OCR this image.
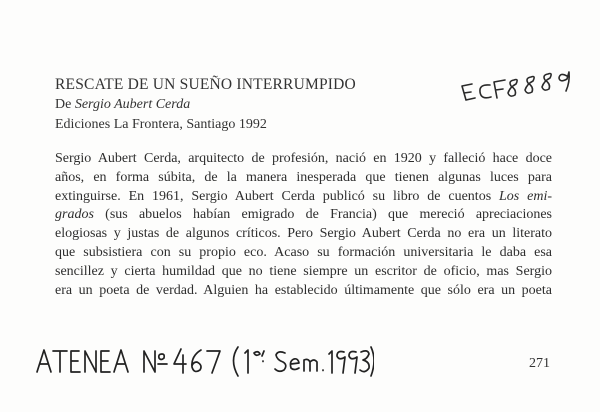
RESCATE DE UN SUEÑO INTERRUMPIDO
De Sergio Aubert Cerda
Ediciones La Frontera, Santiago 1992
ECF8889
Sergio Aubert Cerda, arquitecto de profesión, nació en 1920 y falleció hace doce
años, en forma súbita, de la manera inesperada que tienen algunas luces para
extinguirse. En 1961, Sergio Aubert Cerda publicó su libro de cuentos Los emi-
grados (sus abuelos habían emigrado de Francia) que mereció apreciaciones
elogiosas y justas de algunos críticos. Pero Sergio Aubert Cerda no era un literato
que subsistiera con su propio eco. Acaso su formación universitaria le daba esa
sencillez y cierta humildad que no tiene siempre un escritor de oficio, mas Sergio
era un poeta de verdad. Alguien ha establecido últimamente que sólo era un poeta
ATENEA Nº 467 (1er Sem. 1993)
271
